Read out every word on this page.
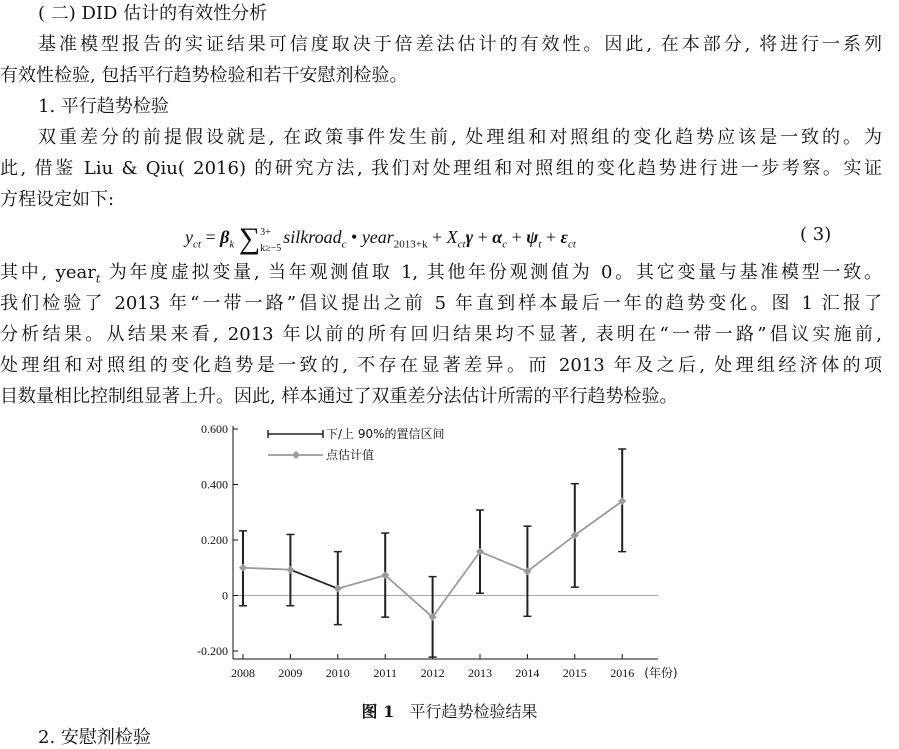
( 二) DID 估计的有效性分析
基准模型报告的实证结果可信度取决于倍差法估计的有效性。因此, 在本部分, 将进行一系列
有效性检验, 包括平行趋势检验和若干安慰剂检验。
1. 平行趋势检验
双重差分的前提假设就是, 在政策事件发生前, 处理组和对照组的变化趋势应该是一致的。为
此, 借鉴 Liu & Qiu( 2016) 的研究方法, 我们对处理组和对照组的变化趋势进行进一步考察。实证
方程设定如下:
$y_{ct} = \beta_k$ ∑ 3+
k≥−5
silkroad$_c$ • year$_{2013+k}$ + $X_{ct}\gamma + \alpha_c + \psi_t + \varepsilon_{ct}$	( 3)
其中, year$_t$ 为年度虚拟变量, 当年观测值取 1, 其他年份观测值为 0。其它变量与基准模型一致。
我们检验了 2013 年“一带一路”倡议提出之前 5 年直到样本最后一年的趋势变化。图 1 汇报了
分析结果。从结果来看, 2013 年以前的所有回归结果均不显著, 表明在“一带一路”倡议实施前,
处理组和对照组的变化趋势是一致的, 不存在显著差异。而 2013 年及之后, 处理组经济体的项
目数量相比控制组显著上升。因此, 样本通过了双重差分法估计所需的平行趋势检验。
0.600
0.400
0.200
0
-0.200
2008 2009 2010 2011 2012 2013 2014 2015 2016 (年份)
下/上 90%的置信区间
点估计值
图 1 平行趋势检验结果
2. 安慰剂检验
